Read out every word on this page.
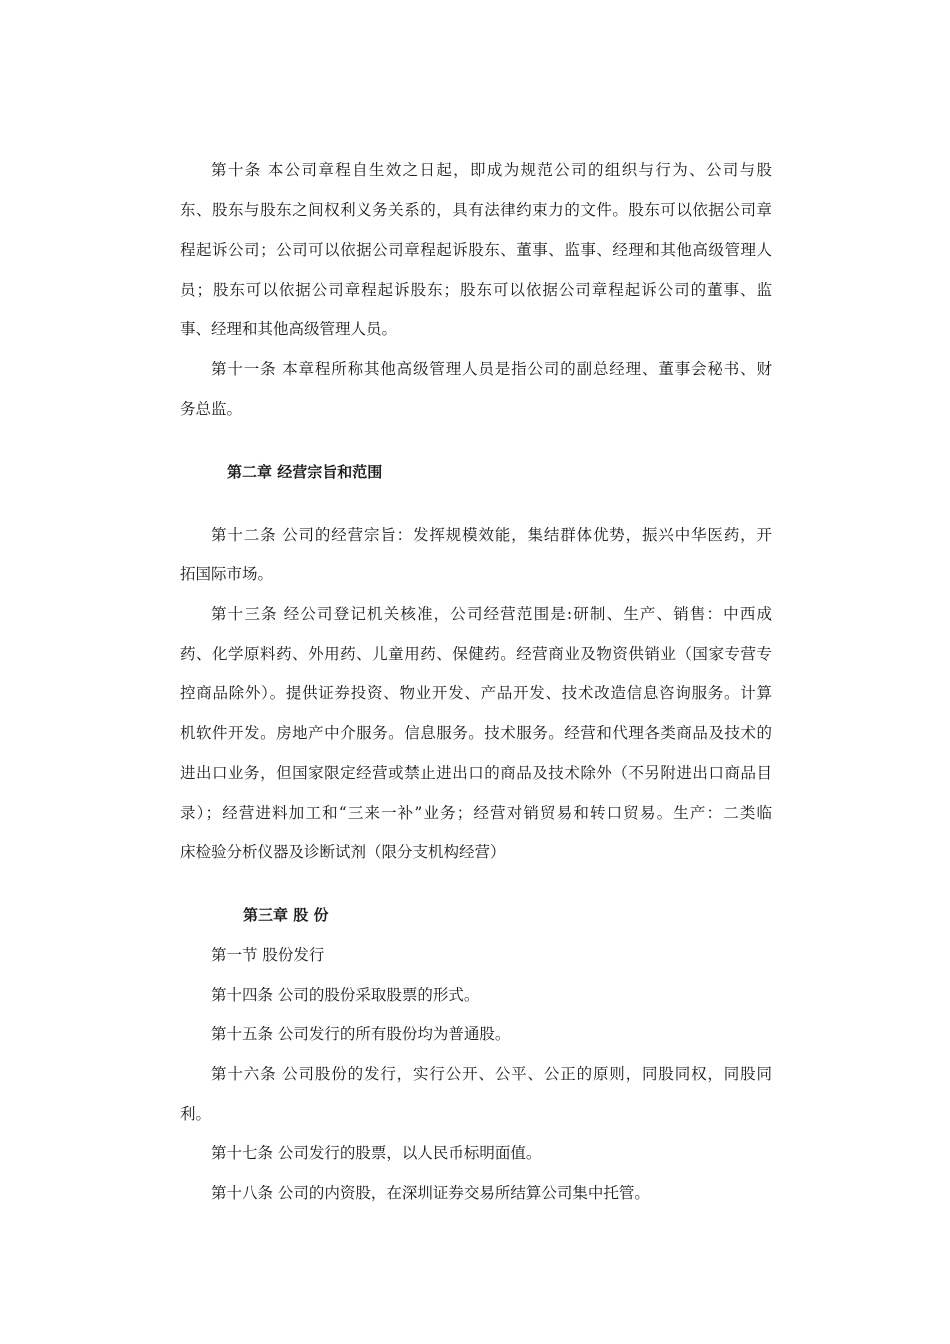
第十条 本公司章程自生效之日起，即成为规范公司的组织与行为、公司与股
东、股东与股东之间权利义务关系的，具有法律约束力的文件。股东可以依据公司章
程起诉公司；公司可以依据公司章程起诉股东、董事、监事、经理和其他高级管理人
员；股东可以依据公司章程起诉股东；股东可以依据公司章程起诉公司的董事、监
事、经理和其他高级管理人员。
第十一条 本章程所称其他高级管理人员是指公司的副总经理、董事会秘书、财
务总监。
第二章 经营宗旨和范围
第十二条 公司的经营宗旨：发挥规模效能，集结群体优势，振兴中华医药，开
拓国际市场。
第十三条 经公司登记机关核准，公司经营范围是:研制、生产、销售：中西成
药、化学原料药、外用药、儿童用药、保健药。经营商业及物资供销业（国家专营专
控商品除外）。提供证券投资、物业开发、产品开发、技术改造信息咨询服务。计算
机软件开发。房地产中介服务。信息服务。技术服务。经营和代理各类商品及技术的
进出口业务，但国家限定经营或禁止进出口的商品及技术除外（不另附进出口商品目
录）；经营进料加工和“三来一补”业务；经营对销贸易和转口贸易。生产：二类临
床检验分析仪器及诊断试剂（限分支机构经营）
第三章 股 份
第一节 股份发行
第十四条 公司的股份采取股票的形式。
第十五条 公司发行的所有股份均为普通股。
第十六条 公司股份的发行，实行公开、公平、公正的原则，同股同权，同股同
利。
第十七条 公司发行的股票，以人民币标明面值。
第十八条 公司的内资股，在深圳证券交易所结算公司集中托管。
